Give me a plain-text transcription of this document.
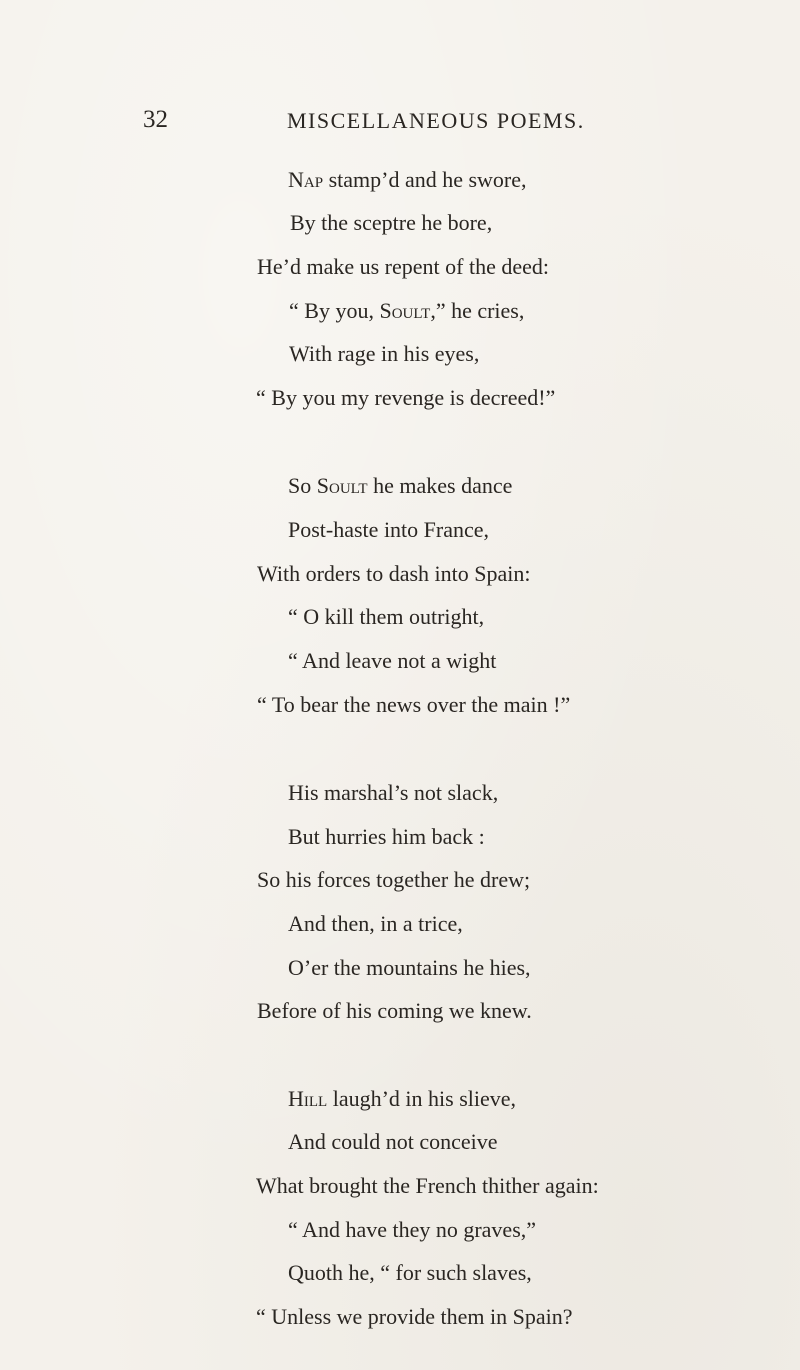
32	MISCELLANEOUS POEMS.
Nap stamp’d and he swore,
By the sceptre he bore,
He’d make us repent of the deed:
“ By you, Soult,” he cries,
With rage in his eyes,
“ By you my revenge is decreed!”
So Soult he makes dance
Post-haste into France,
With orders to dash into Spain:
“ O kill them outright,
“ And leave not a wight
“ To bear the news over the main !”
His marshal’s not slack,
But hurries him back :
So his forces together he drew;
And then, in a trice,
O’er the mountains he hies,
Before of his coming we knew.
Hill laugh’d in his slieve,
And could not conceive
What brought the French thither again:
“ And have they no graves,”
Quoth he, “ for such slaves,
“ Unless we provide them in Spain?
